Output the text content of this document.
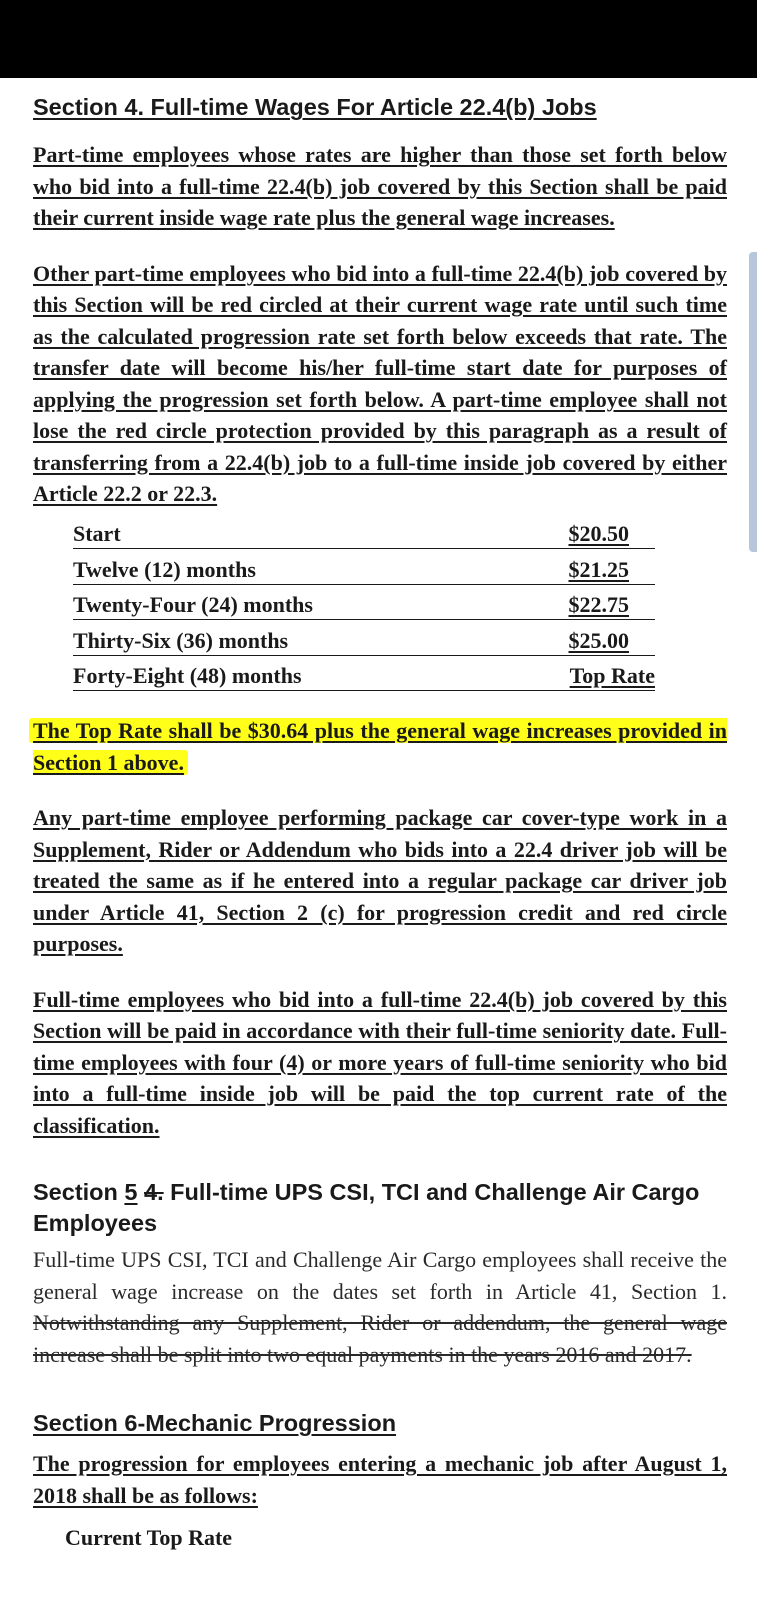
Section 4. Full-time Wages For Article 22.4(b) Jobs

Part-time employees whose rates are higher than those set forth below who bid into a full-time 22.4(b) job covered by this Section shall be paid their current inside wage rate plus the general wage increases.

Other part-time employees who bid into a full-time 22.4(b) job covered by this Section will be red circled at their current wage rate until such time as the calculated progression rate set forth below exceeds that rate. The transfer date will become his/her full-time start date for purposes of applying the progression set forth below. A part-time employee shall not lose the red circle protection provided by this paragraph as a result of transferring from a 22.4(b) job to a full-time inside job covered by either Article 22.2 or 22.3.

Start	$20.50
Twelve (12) months	$21.25
Twenty-Four (24) months	$22.75
Thirty-Six (36) months	$25.00
Forty-Eight (48) months	Top Rate

The Top Rate shall be $30.64 plus the general wage increases provided in Section 1 above.

Any part-time employee performing package car cover-type work in a Supplement, Rider or Addendum who bids into a 22.4 driver job will be treated the same as if he entered into a regular package car driver job under Article 41, Section 2 (c) for progression credit and red circle purposes.

Full-time employees who bid into a full-time 22.4(b) job covered by this Section will be paid in accordance with their full-time seniority date. Full-time employees with four (4) or more years of full-time seniority who bid into a full-time inside job will be paid the top current rate of the classification.

Section 5 4. Full-time UPS CSI, TCI and Challenge Air Cargo Employees

Full-time UPS CSI, TCI and Challenge Air Cargo employees shall receive the general wage increase on the dates set forth in Article 41, Section 1. Notwithstanding any Supplement, Rider or addendum, the general wage increase shall be split into two equal payments in the years 2016 and 2017.

Section 6-Mechanic Progression

The progression for employees entering a mechanic job after August 1, 2018 shall be as follows:

Current Top Rate
